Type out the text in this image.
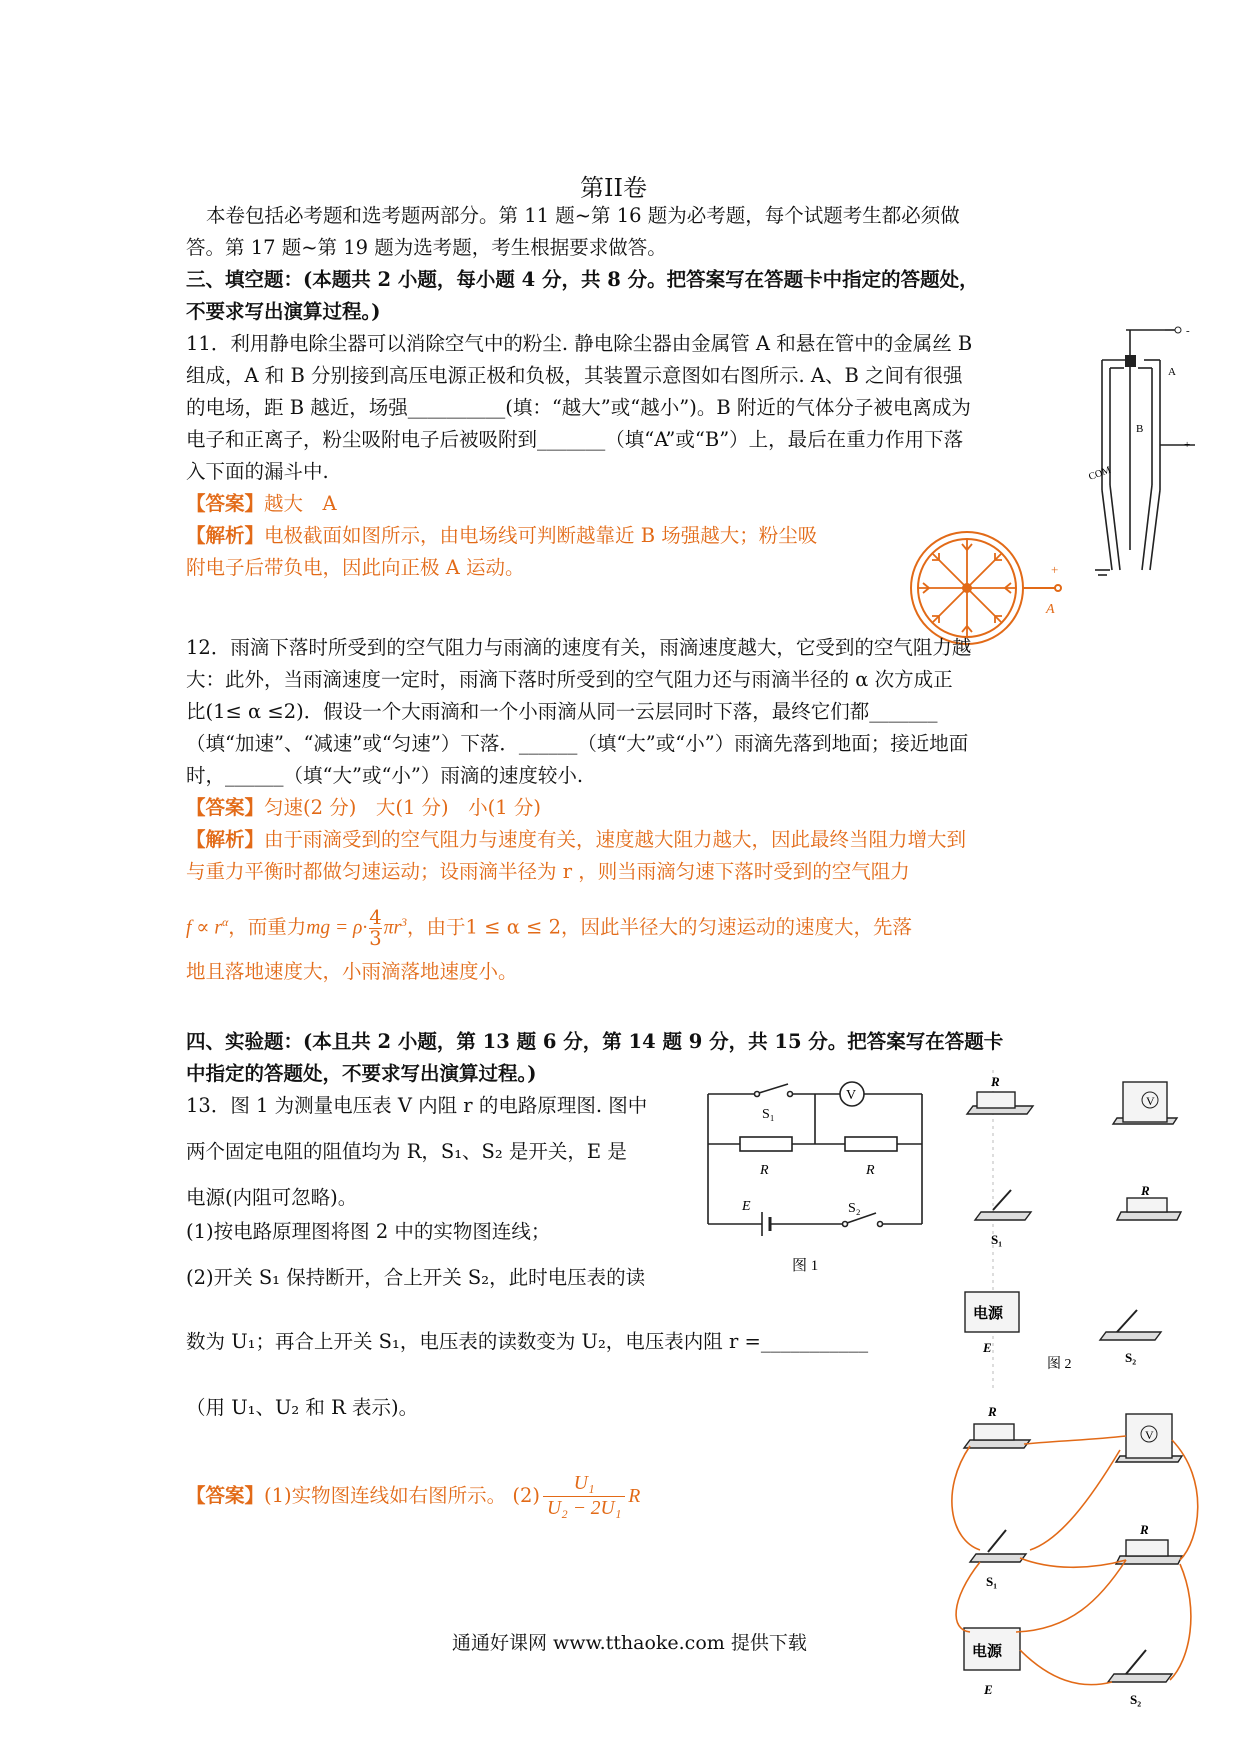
第II卷
本卷包括必考题和选考题两部分。第 11 题~第 16 题为必考题，每个试题考生都必须做
答。第 17 题~第 19 题为选考题，考生根据要求做答。
三、填空题：(本题共 2 小题，每小题 4 分，共 8 分。把答案写在答题卡中指定的答题处，
不要求写出演算过程。)
11．利用静电除尘器可以消除空气中的粉尘. 静电除尘器由金属管 A 和悬在管中的金属丝 B
组成，A 和 B 分别接到高压电源正极和负极，其装置示意图如右图所示. A、B 之间有很强
的电场，距 B 越近，场强__________(填：“越大”或“越小”)。B 附近的气体分子被电离成为
电子和正离子，粉尘吸附电子后被吸附到_______（填“A”或“B”）上，最后在重力作用下落
入下面的漏斗中.
【答案】越大　A
【解析】电极截面如图所示，由电场线可判断越靠近 B 场强越大；粉尘吸
附电子后带负电，因此向正极 A 运动。
A
B
+
-
COM
+
A
12．雨滴下落时所受到的空气阻力与雨滴的速度有关，雨滴速度越大，它受到的空气阻力越
大：此外，当雨滴速度一定时，雨滴下落时所受到的空气阻力还与雨滴半径的 α 次方成正
比(1≤ α ≤2)．假设一个大雨滴和一个小雨滴从同一云层同时下落，最终它们都_______
（填“加速”、“减速”或“匀速”）下落．______（填“大”或“小”）雨滴先落到地面；接近地面
时，______（填“大”或“小”）雨滴的速度较小.
【答案】匀速(2 分)　大(1 分)　小(1 分)
【解析】由于雨滴受到的空气阻力与速度有关，速度越大阻力越大，因此最终当阻力增大到
与重力平衡时都做匀速运动；设雨滴半径为 r ，则当雨滴匀速下落时受到的空气阻力
$f \propto r^\alpha$，而重力mg = $\rho\cdot \frac{4}{3} \pi r^3$，由于1 ≤ α ≤ 2，因此半径大的匀速运动的速度大，先落
地且落地速度大，小雨滴落地速度小。
四、实验题：(本且共 2 小题，第 13 题 6 分，第 14 题 9 分，共 15 分。把答案写在答题卡
中指定的答题处，不要求写出演算过程。)
13．图 1 为测量电压表 V 内阻 r 的电路原理图. 图中
两个固定电阻的阻值均为 R，S₁、S₂ 是开关，E 是
电源(内阻可忽略)。
(1)按电路原理图将图 2 中的实物图连线；
(2)开关 S₁ 保持断开，合上开关 S₂，此时电压表的读
数为 U₁；再合上开关 S₁，电压表的读数变为 U₂，电压表内阻 r =___________
（用 U₁、U₂ 和 R 表示)。
【答案】(1)实物图连线如右图所示。 $(2) \frac{\text{U₁}}{\text{U₂ − 2U₁}}$ R
V
S₁
R	R
E	S₂
图 1
V
R
R
S₁
电源
E
S₂
图 2
V
R
R
S₁
电源
E
S₂
通通好课网 www.tthaoke.com 提供下载
